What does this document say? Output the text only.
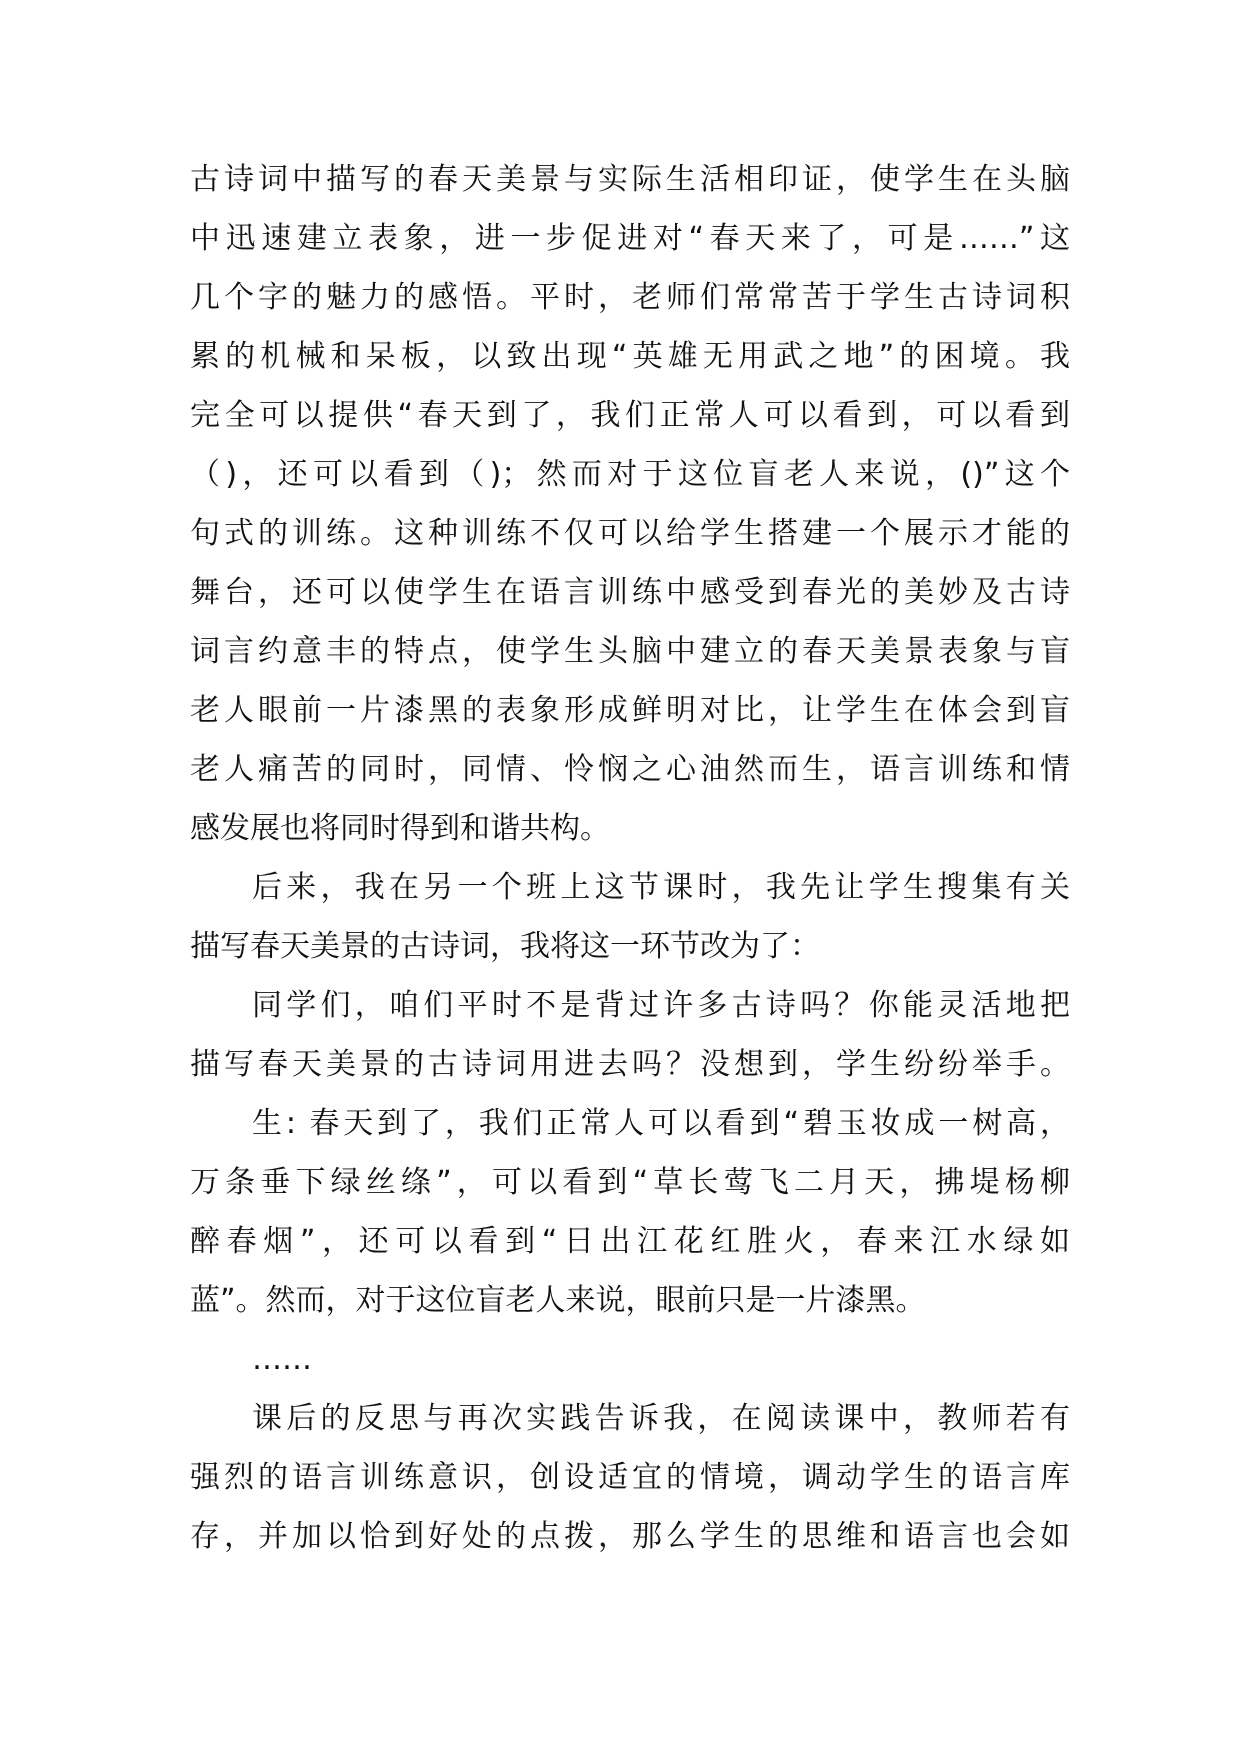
古诗词中描写的春天美景与实际生活相印证，使学生在头脑
中迅速建立表象，进一步促进对“春天来了，可是……”这
几个字的魅力的感悟。平时，老师们常常苦于学生古诗词积
累的机械和呆板，以致出现“英雄无用武之地”的困境。我
完全可以提供“春天到了，我们正常人可以看到，可以看到
（)，还可以看到（)；然而对于这位盲老人来说，()”这个
句式的训练。这种训练不仅可以给学生搭建一个展示才能的
舞台，还可以使学生在语言训练中感受到春光的美妙及古诗
词言约意丰的特点，使学生头脑中建立的春天美景表象与盲
老人眼前一片漆黑的表象形成鲜明对比，让学生在体会到盲
老人痛苦的同时，同情、怜悯之心油然而生，语言训练和情
感发展也将同时得到和谐共构。
后来，我在另一个班上这节课时，我先让学生搜集有关
描写春天美景的古诗词，我将这一环节改为了：
同学们，咱们平时不是背过许多古诗吗？你能灵活地把
描写春天美景的古诗词用进去吗？没想到，学生纷纷举手。
生: 春天到了，我们正常人可以看到“碧玉妆成一树高，
万条垂下绿丝绦”，可以看到“草长莺飞二月天，拂堤杨柳
醉春烟”，还可以看到“日出江花红胜火，春来江水绿如
蓝”。然而，对于这位盲老人来说，眼前只是一片漆黑。
……
课后的反思与再次实践告诉我，在阅读课中，教师若有
强烈的语言训练意识，创设适宜的情境，调动学生的语言库
存，并加以恰到好处的点拨，那么学生的思维和语言也会如
